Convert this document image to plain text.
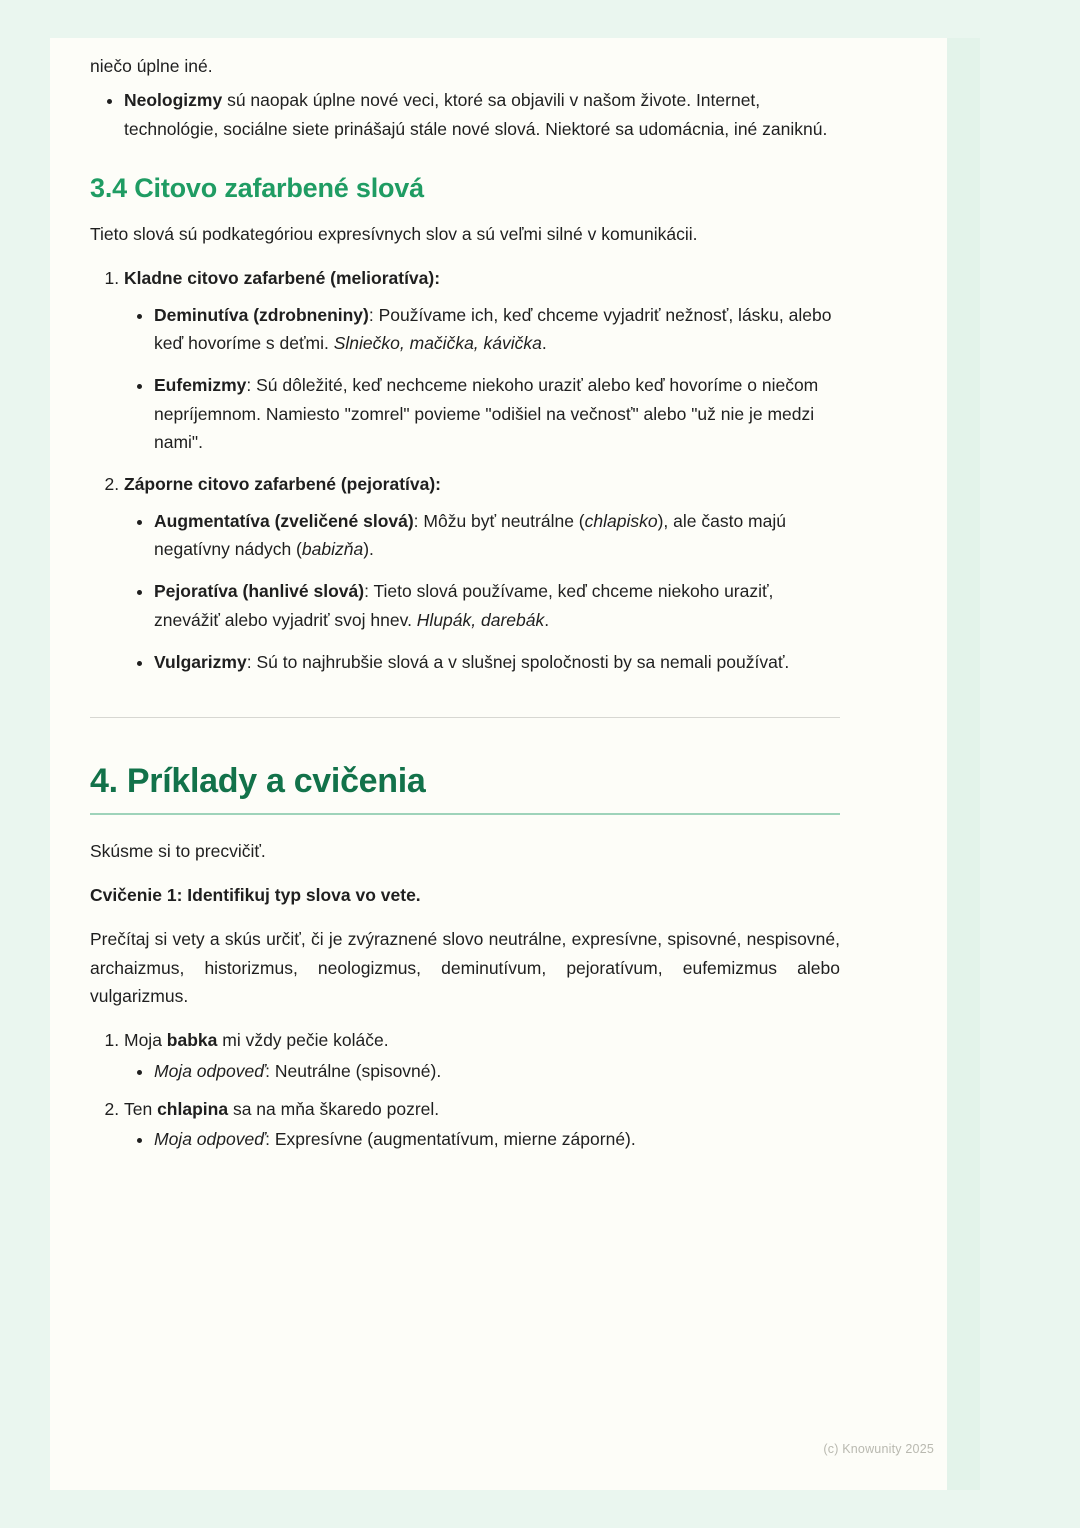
niečo úplne iné.

• Neologizmy sú naopak úplne nové veci, ktoré sa objavili v našom živote. Internet, technológie, sociálne siete prinášajú stále nové slová. Niektoré sa udomácnia, iné zaniknú.
3.4 Citovo zafarbené slová

Tieto slová sú podkategóriou expresívnych slov a sú veľmi silné v komunikácii.

1. Kladne citovo zafarbené (melioratíva):
• Deminutíva (zdrobneniny): Používame ich, keď chceme vyjadriť nežnosť, lásku, alebo keď hovoríme s deťmi. Slniečko, mačička, kávička.
• Eufemizmy: Sú dôležité, keď nechceme niekoho uraziť alebo keď hovoríme o niečom nepríjemnom. Namiesto "zomrel" povieme "odišiel na večnosť" alebo "už nie je medzi nami".
2. Záporne citovo zafarbené (pejoratíva):
• Augmentatíva (zveličené slová): Môžu byť neutrálne (chlapisko), ale často majú negatívny nádych (babizňa).
• Pejoratíva (hanlivé slová): Tieto slová používame, keď chceme niekoho uraziť, znevážiť alebo vyjadriť svoj hnev. Hlupák, darebák.
• Vulgarizmy: Sú to najhrubšie slová a v slušnej spoločnosti by sa nemali používať.
4. Príklady a cvičenia

Skúsme si to precvičiť.

Cvičenie 1: Identifikuj typ slova vo vete.

Prečítaj si vety a skús určiť, či je zvýraznené slovo neutrálne, expresívne, spisovné, nespisovné, archaizmus, historizmus, neologizmus, deminutívum, pejoratívum, eufemizmus alebo vulgarizmus.

1. Moja babka mi vždy pečie koláče.
• Moja odpoveď: Neutrálne (spisovné).
2. Ten chlapina sa na mňa škaredo pozrel.
• Moja odpoveď: Expresívne (augmentatívum, mierne záporné).
(c) Knowunity 2025
